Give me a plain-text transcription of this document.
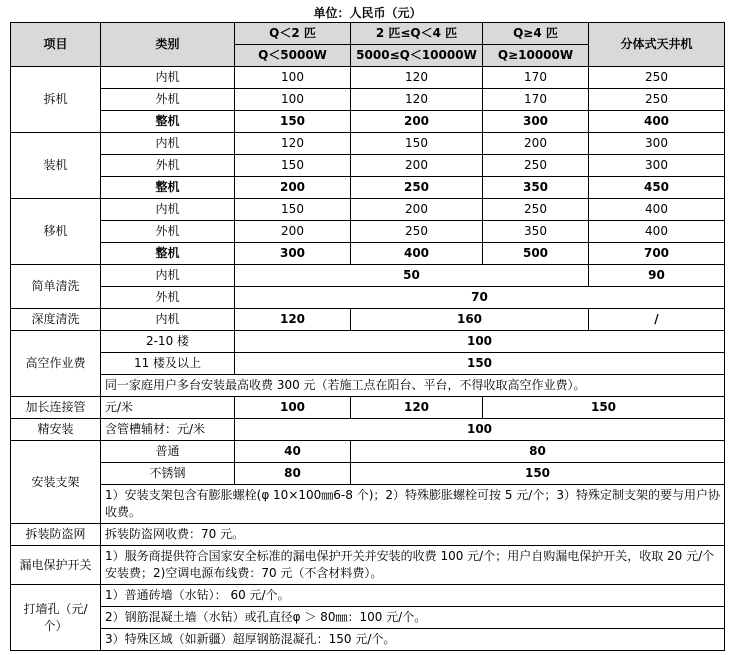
单位：人民币（元）
项目	类别	Q＜2 匹	2 匹≤Q＜4 匹	Q≥4 匹	分体式天井机
		Q＜5000W	5000≤Q＜10000W	Q≥10000W	
拆机	内机	100	120	170	250
	外机	100	120	170	250
	整机	150	200	300	400
装机	内机	120	150	200	300
	外机	150	200	250	300
	整机	200	250	350	450
移机	内机	150	200	250	400
	外机	200	250	350	400
	整机	300	400	500	700
简单清洗	内机	50			90
	外机	70			
深度清洗	内机	120	160		/
高空作业费	2-10 楼	100			
	11 楼及以上	150			
	同一家庭用户多台安装最高收费 300 元（若施工点在阳台、平台，不得收取高空作业费）。				
加长连接管	元/米	100	120	150	
精安装	含管槽辅材：元/米	100			
安装支架	普通	40	80		
	不锈钢	80	150		
	1）安装支架包含有膨胀螺栓(φ 10×100㎜6-8 个)；2）特殊膨胀螺栓可按 5 元/个；3）特殊定制支架的要与用户协收费。				
拆装防盗网	拆装防盗网收费：70 元。				
漏电保护开关	1）服务商提供符合国家安全标准的漏电保护开关并安装的收费 100 元/个；用户自购漏电保护开关，收取 20 元/个安装费；2)空调电源布线费：70 元（不含材料费）。				
打墙孔（元/个）	1）普通砖墙（水钻）： 60 元/个。				
	2）钢筋混凝土墙（水钻）或孔直径φ ＞ 80㎜：100 元/个。				
	3）特殊区域（如新疆）超厚钢筋混凝孔：150 元/个。				
